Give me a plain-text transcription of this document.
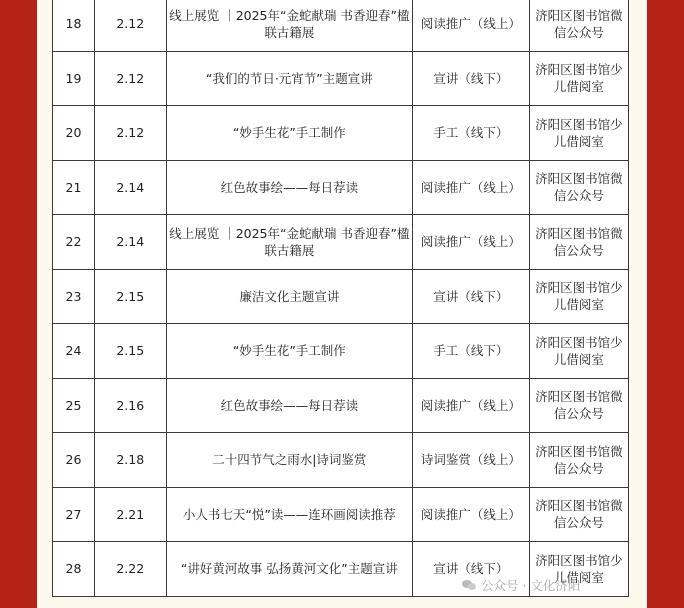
18	2.12	线上展览 ｜2025年“金蛇献瑞 书香迎春”楹联古籍展	阅读推广（线上）	济阳区图书馆微信公众号
19	2.12	“我们的节日·元宵节”主题宣讲	宣讲（线下）	济阳区图书馆少儿借阅室
20	2.12	“妙手生花”手工制作	手工（线下）	济阳区图书馆少儿借阅室
21	2.14	红色故事绘——每日荐读	阅读推广（线上）	济阳区图书馆微信公众号
22	2.14	线上展览 ｜2025年“金蛇献瑞 书香迎春”楹联古籍展	阅读推广（线上）	济阳区图书馆微信公众号
23	2.15	廉洁文化主题宣讲	宣讲（线下）	济阳区图书馆少儿借阅室
24	2.15	“妙手生花”手工制作	手工（线下）	济阳区图书馆少儿借阅室
25	2.16	红色故事绘——每日荐读	阅读推广（线上）	济阳区图书馆微信公众号
26	2.18	二十四节气之雨水|诗词鉴赏	诗词鉴赏（线上）	济阳区图书馆微信公众号
27	2.21	小人书七天“悦”读——连环画阅读推荐	阅读推广（线上）	济阳区图书馆微信公众号
28	2.22	“讲好黄河故事 弘扬黄河文化”主题宣讲	宣讲（线下）	济阳区图书馆少儿借阅室
公众号 · 文化济阳
